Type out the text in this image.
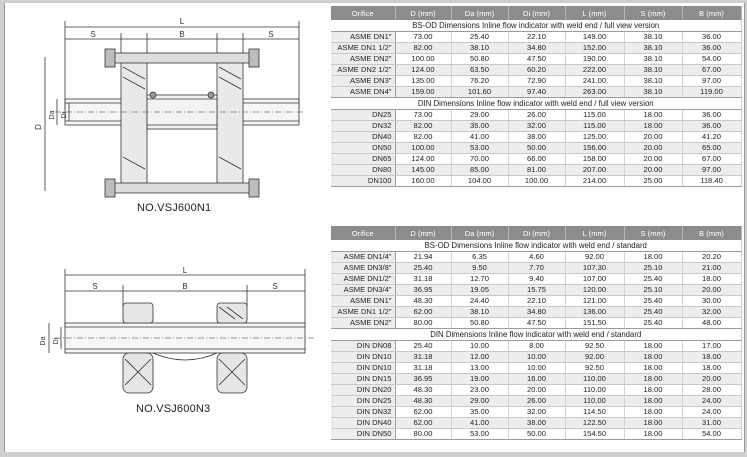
L
S	B	S
D
Da Di
NO.VSJ600N1
L
S	B	S
Da Di
NO.VSJ600N3
Orifice	D (mm)	Da (mm)	Di (mm)	L (mm)	S (mm)	B (mm)
BS-OD Dimensions Inline flow indicator with weld end / full view version						
ASME DN1"	73.00	25.40	22.10	149.00	38.10	36.00
ASME DN1 1/2"	82.00	38.10	34.80	152.00	38.10	36.00
ASME DN2"	100.00	50.80	47.50	190.00	38.10	54.00
ASME DN2 1/2"	124.00	63.50	60.20	222.00	38.10	67.00
ASME DN3"	135.00	76.20	72.90	241.00	38.10	97.00
ASME DN4"	159.00	101.60	97.40	263.00	38.10	119.00
DIN Dimensions Inline flow indicator with weld end / full view version						
DN25	73.00	29.00	26.00	115.00	18.00	36.00
DN32	82.00	35.00	32.00	115.00	18.00	36.00
DN40	82.00	41.00	38.00	125.00	20.00	41.20
DN50	100.00	53.00	50.00	156.00	20.00	65.00
DN65	124.00	70.00	66.00	158.00	20.00	67.00
DN80	145.00	85.00	81.00	207.00	20.00	97.00
DN100	160.00	104.00	100.00	214.00	25.00	118.40
Orifice	D (mm)	Da (mm)	Di (mm)	L (mm)	S (mm)	B (mm)
BS-OD Dimensions Inline flow indicator with weld end / standard						
ASME DN1/4"	21.94	6.35	4.60	92.00	18.00	20.20
ASME DN3/8"	25.40	9.50	7.70	107.30	25.10	21.00
ASME DN1/2"	31.18	12.70	9.40	107.00	25.40	18.00
ASME DN3/4"	36.95	19.05	15.75	120.00	25.10	20.00
ASME DN1"	48.30	24.40	22.10	121.00	25.40	30.00
ASME DN1 1/2"	62.00	38.10	34.80	136.00	25.40	32.00
ASME DN2"	80.00	50.80	47.50	151.50	25.40	48.00
DIN Dimensions Inline flow indicator with weld end / standard						
DIN DN08	25.40	10.00	8.00	92.50	18.00	17.00
DIN DN10	31.18	12.00	10.00	92.00	18.00	18.00
DIN DN10	31.18	13.00	10.00	92.50	18.00	18.00
DIN DN15	36.95	19.00	16.00	110.00	18.00	20.00
DIN DN20	48.30	23.00	20.00	110.00	18.00	28.00
DIN DN25	48.30	29.00	26.00	110.00	18.00	24.00
DIN DN32	62.00	35.00	32.00	114.50	18.00	24.00
DIN DN40	62.00	41.00	38.00	122.50	18.00	31.00
DIN DN50	80.00	53.00	50.00	154.50	18.00	54.00
